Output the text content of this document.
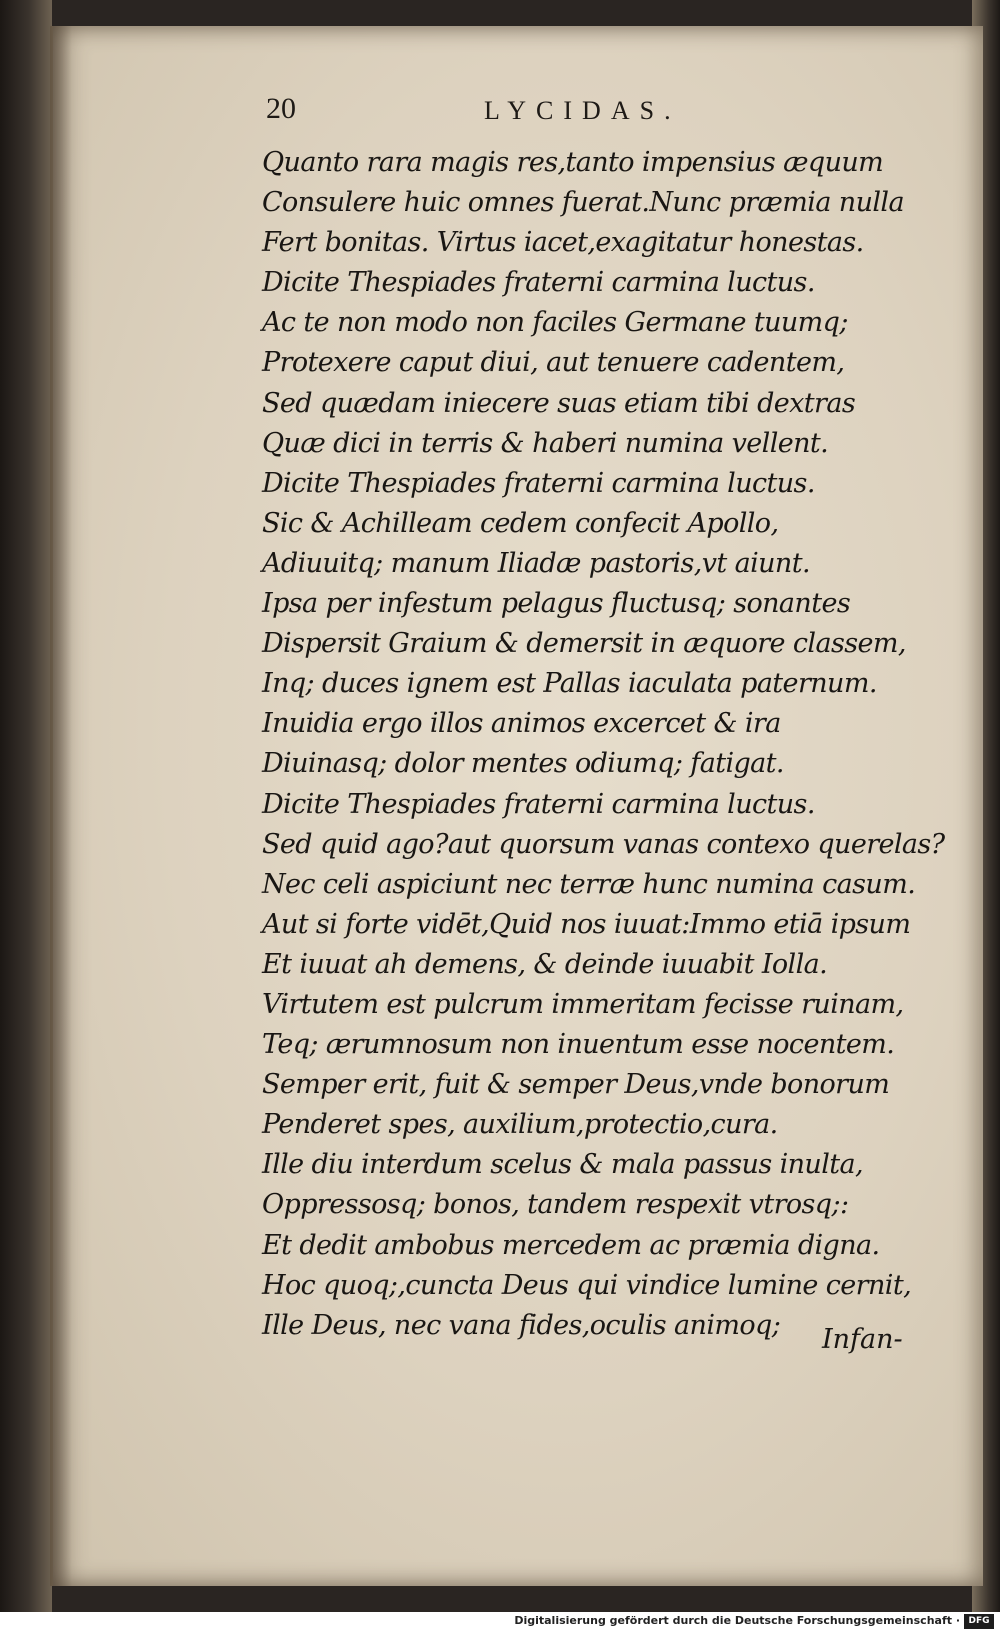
20	LYCIDAS.
Quanto rara magis res,tanto impensius æquum
Consulere huic omnes fuerat.Nunc præmia nulla
Fert bonitas. Virtus iacet,exagitatur honestas.
Dicite Thespiades fraterni carmina luctus.
Ac te non modo non faciles Germane tuumq;
Protexere caput diui, aut tenuere cadentem,
Sed quædam iniecere suas etiam tibi dextras
Quæ dici in terris & haberi numina vellent.
Dicite Thespiades fraterni carmina luctus.
Sic & Achilleam cedem confecit Apollo,
Adiuuitq; manum Iliadæ pastoris,vt aiunt.
Ipsa per infestum pelagus fluctusq; sonantes
Dispersit Graium & demersit in æquore classem,
Inq; duces ignem est Pallas iaculata paternum.
Inuidia ergo illos animos excercet & ira
Diuinasq; dolor mentes odiumq; fatigat.
Dicite Thespiades fraterni carmina luctus.
Sed quid ago?aut quorsum vanas contexo querelas?
Nec celi aspiciunt nec terræ hunc numina casum.
Aut si forte vidēt,Quid nos iuuat:Immo etiā ipsum
Et iuuat ah demens, & deinde iuuabit Iolla.
Virtutem est pulcrum immeritam fecisse ruinam,
Teq; ærumnosum non inuentum esse nocentem.
Semper erit, fuit & semper Deus,vnde bonorum
Penderet spes, auxilium,protectio,cura.
Ille diu interdum scelus & mala passus inulta,
Oppressosq; bonos, tandem respexit vtrosq;:
Et dedit ambobus mercedem ac præmia digna.
Hoc quoq;,cuncta Deus qui vindice lumine cernit,
Ille Deus, nec vana fides,oculis animoq;	Infan-
Digitalisierung gefördert durch die Deutsche Forschungsgemeinschaft · DFG
